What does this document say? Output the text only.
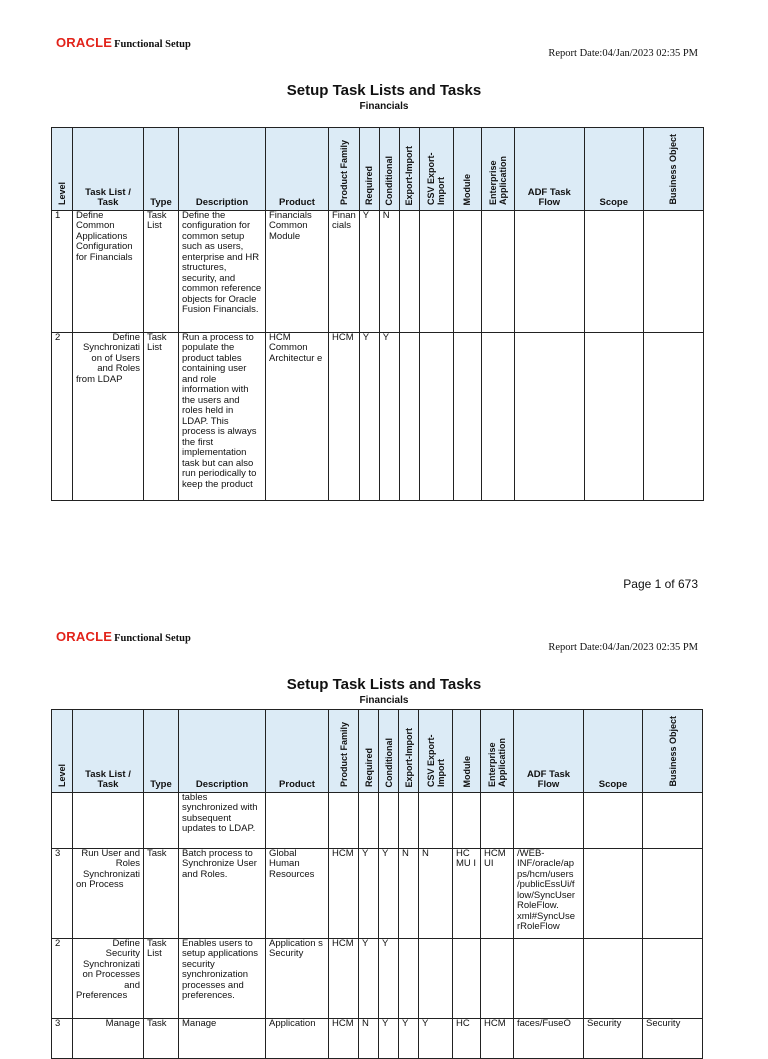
ORACLE Functional Setup
Report Date:04/Jan/2023 02:35 PM
Setup Task Lists and Tasks
Financials
Level	Task List / Task	Type	Description	Product	Product Family	Required	Conditional	Export-Import	CSV Export-Import	Module	Enterprise Application	ADF Task Flow	Scope	Business Object
1	Define Common Applications Configuration for Financials	Task List	Define the configuration for common setup such as users, enterprise and HR structures, security, and common reference objects for Oracle Fusion Financials.	Financials Common Module	Finan cials	Y	N							
2	Define Synchronizati on of Users and Roles from LDAP	Task List	Run a process to populate the product tables containing user and role information with the users and roles held in LDAP. This process is always the first implementation task but can also run periodically to keep the product	HCM Common Architectur e	HCM	Y	Y							
Page 1 of 673
ORACLE Functional Setup
Report Date:04/Jan/2023 02:35 PM
Setup Task Lists and Tasks
Financials
Level	Task List / Task	Type	Description	Product	Product Family	Required	Conditional	Export-Import	CSV Export-Import	Module	Enterprise Application	ADF Task Flow	Scope	Business Object
			tables synchronized with subsequent updates to LDAP.											
3	Run User and Roles Synchronizati on Process	Task	Batch process to Synchronize User and Roles.	Global Human Resources	HCM	Y	Y	N	N	HC MU I	HCM UI	/WEB-INF/oracle/ap ps/hcm/users /publicEssUi/f low/SyncUser RoleFlow. xml#SyncUse rRoleFlow		
2	Define Security Synchronizati on Processes and Preferences	Task List	Enables users to setup applications security synchronization processes and preferences.	Application s Security	HCM	Y	Y							
3	Manage	Task	Manage	Application	HCM	N	Y	Y	Y	HC	HCM	faces/FuseO	Security	Security
